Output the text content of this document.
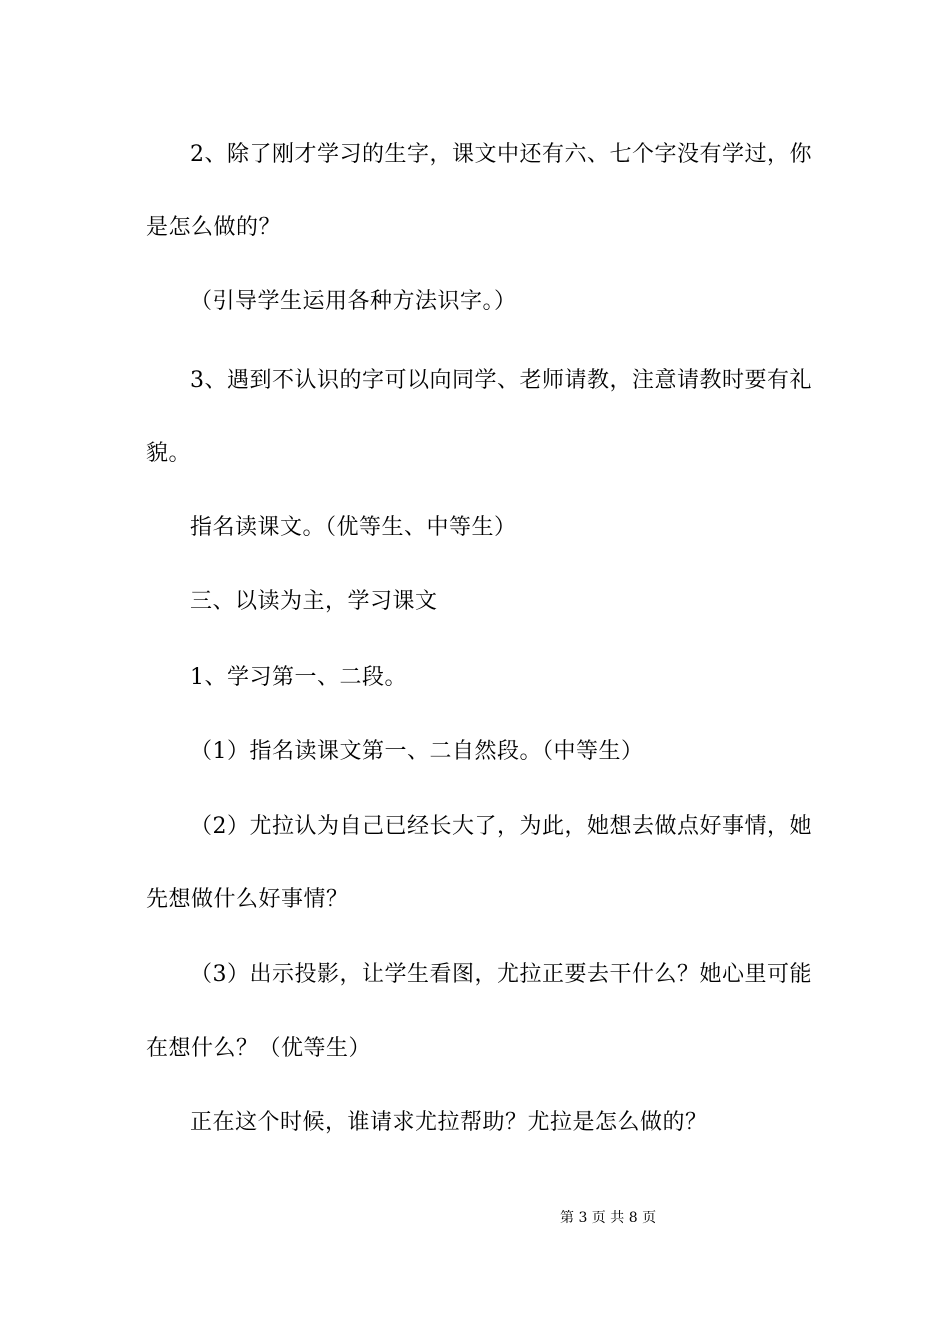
2、除了刚才学习的生字，课文中还有六、七个字没有学过，你
是怎么做的？
（引导学生运用各种方法识字。）
3、遇到不认识的字可以向同学、老师请教，注意请教时要有礼
貌。
指名读课文。（优等生、中等生）
三、以读为主，学习课文
1、学习第一、二段。
（1）指名读课文第一、二自然段。（中等生）
（2）尤拉认为自己已经长大了，为此，她想去做点好事情，她
先想做什么好事情？
（3）出示投影，让学生看图，尤拉正要去干什么？她心里可能
在想什么？（优等生）
正在这个时候，谁请求尤拉帮助？尤拉是怎么做的？
第 3 页 共 8 页
